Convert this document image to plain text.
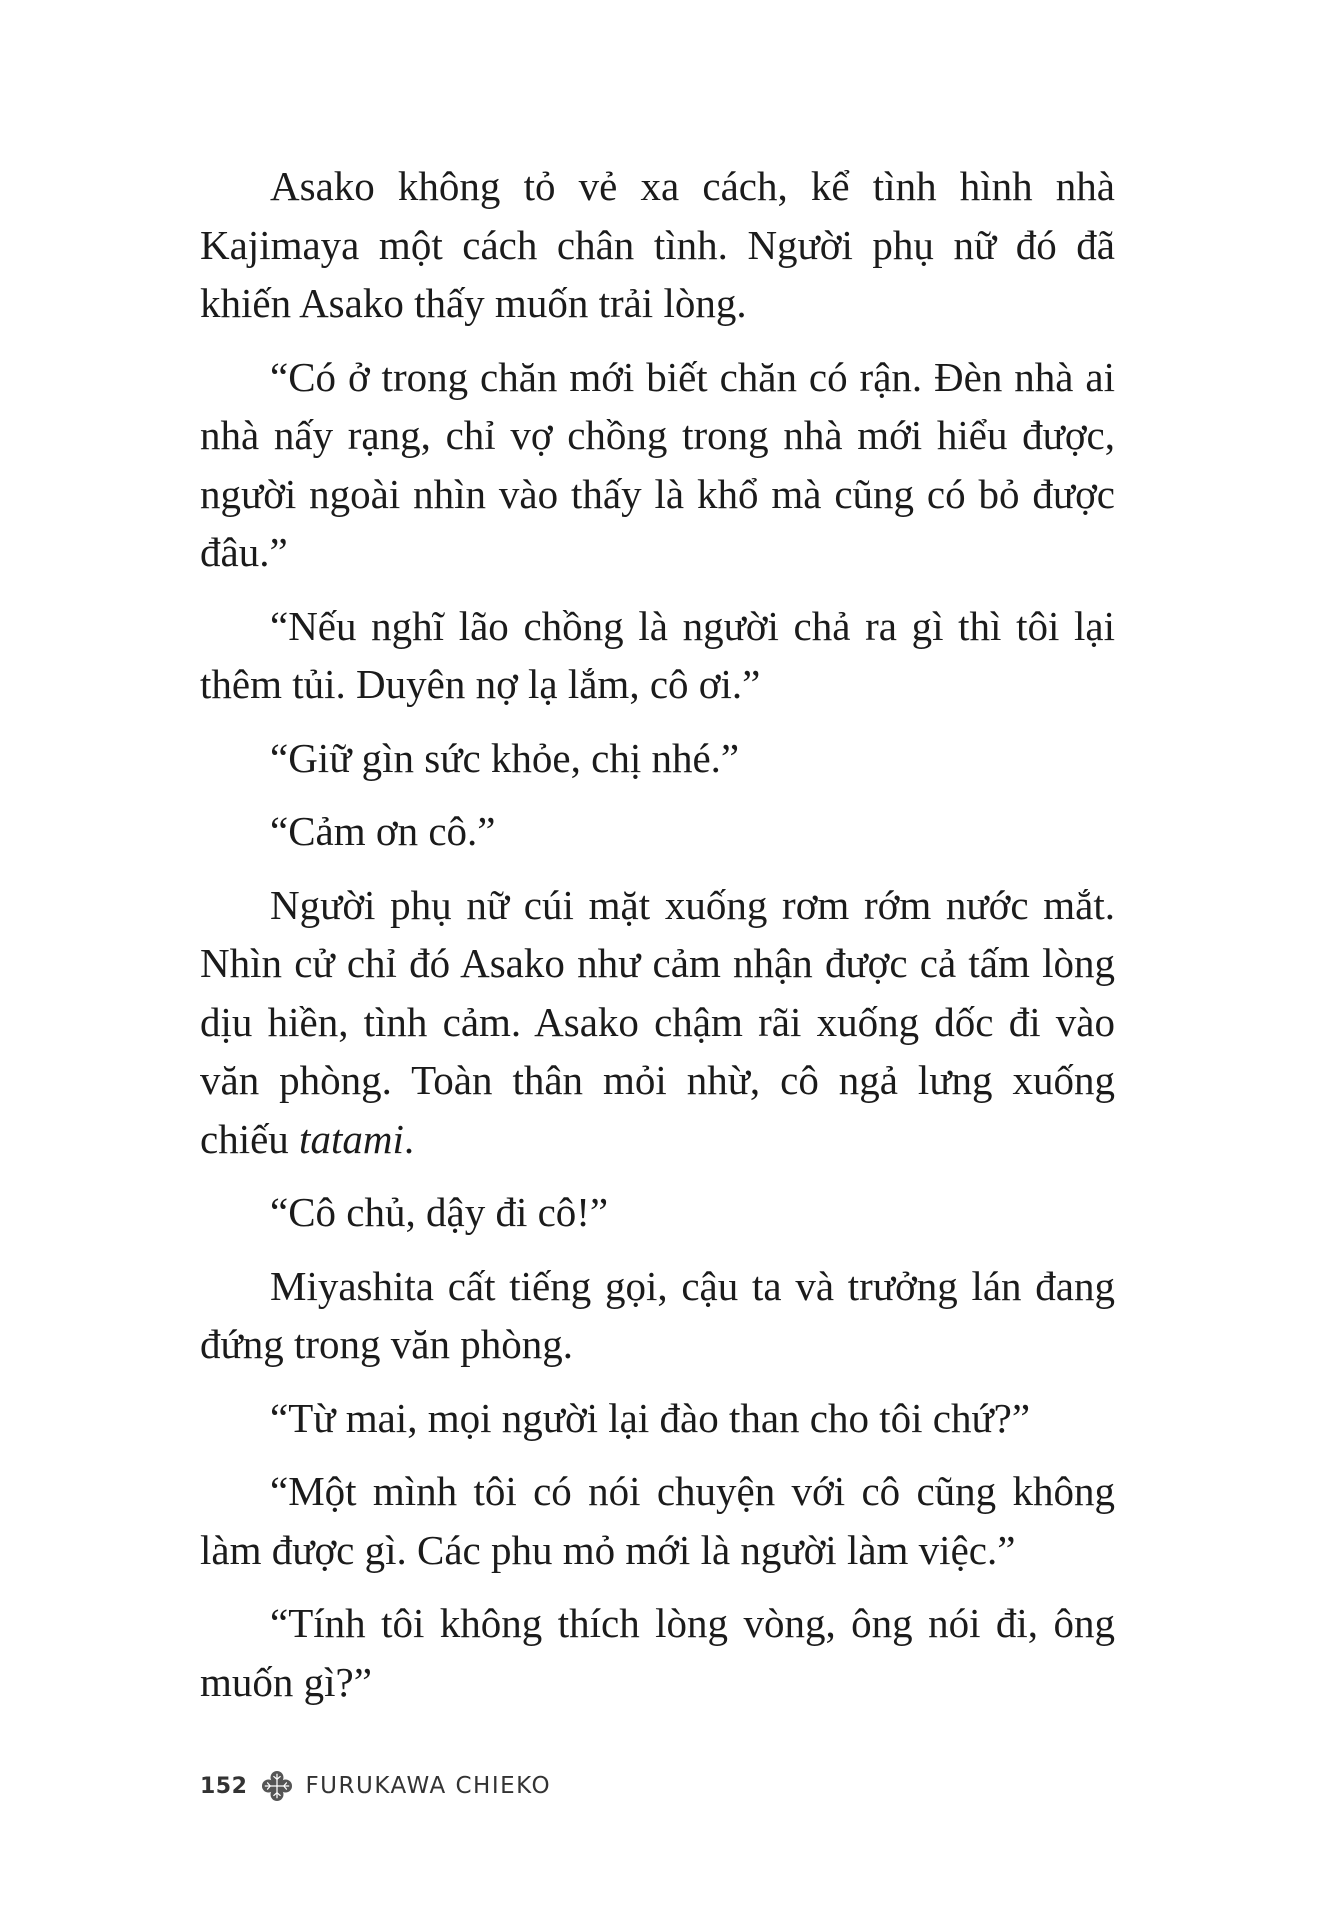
Asako không tỏ vẻ xa cách, kể tình hình nhà Kajimaya một cách chân tình. Người phụ nữ đó đã khiến Asako thấy muốn trải lòng.

“Có ở trong chăn mới biết chăn có rận. Đèn nhà ai nhà nấy rạng, chỉ vợ chồng trong nhà mới hiểu được, người ngoài nhìn vào thấy là khổ mà cũng có bỏ được đâu.”

“Nếu nghĩ lão chồng là người chả ra gì thì tôi lại thêm tủi. Duyên nợ lạ lắm, cô ơi.”

“Giữ gìn sức khỏe, chị nhé.”

“Cảm ơn cô.”

Người phụ nữ cúi mặt xuống rơm rớm nước mắt. Nhìn cử chỉ đó Asako như cảm nhận được cả tấm lòng dịu hiền, tình cảm. Asako chậm rãi xuống dốc đi vào văn phòng. Toàn thân mỏi nhừ, cô ngả lưng xuống chiếu tatami.

“Cô chủ, dậy đi cô!”

Miyashita cất tiếng gọi, cậu ta và trưởng lán đang đứng trong văn phòng.

“Từ mai, mọi người lại đào than cho tôi chứ?”

“Một mình tôi có nói chuyện với cô cũng không làm được gì. Các phu mỏ mới là người làm việc.”

“Tính tôi không thích lòng vòng, ông nói đi, ông muốn gì?”

152	FURUKAWA CHIEKO
